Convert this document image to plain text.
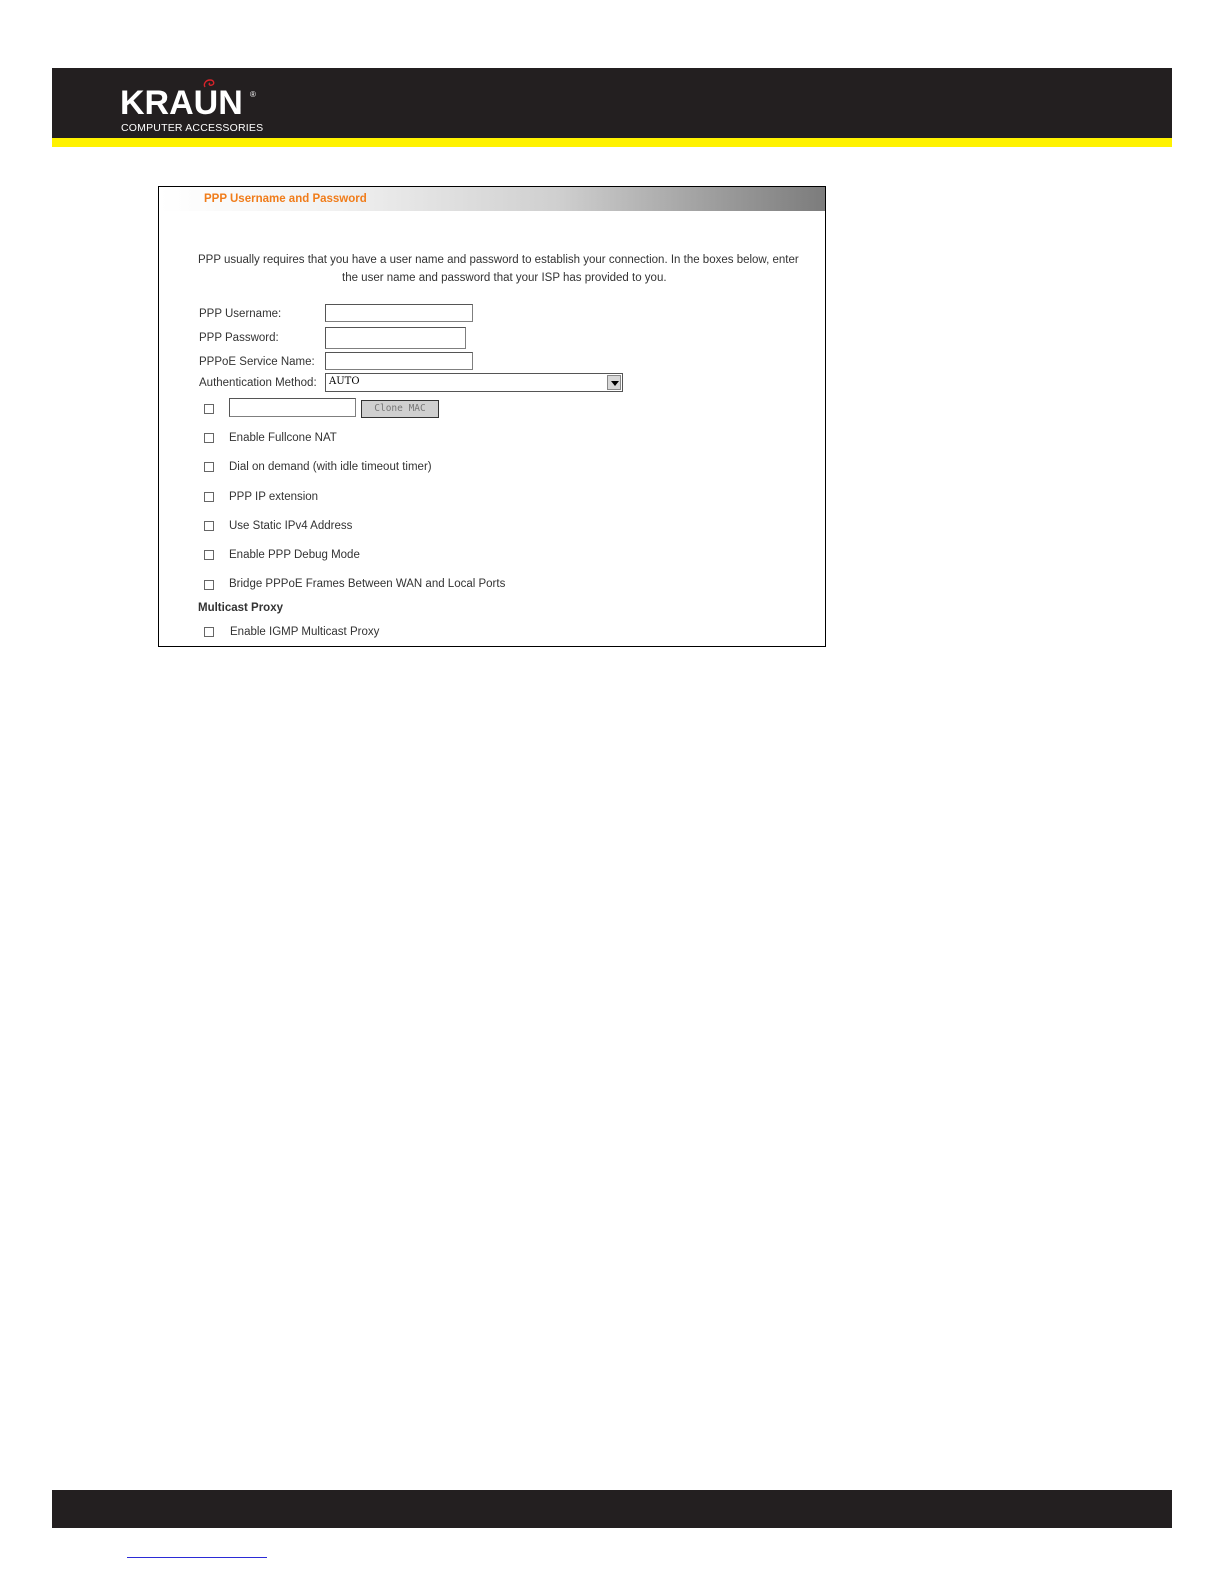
KRAUN ®
COMPUTER ACCESSORIES
PPP Username and Password
PPP usually requires that you have a user name and password to establish your connection. In the boxes below, enter
the user name and password that your ISP has provided to you.
PPP Username:
PPP Password:
PPPoE Service Name:
Authentication Method: AUTO
Clone MAC
Enable Fullcone NAT
Dial on demand (with idle timeout timer)
PPP IP extension
Use Static IPv4 Address
Enable PPP Debug Mode
Bridge PPPoE Frames Between WAN and Local Ports
Multicast Proxy
Enable IGMP Multicast Proxy
